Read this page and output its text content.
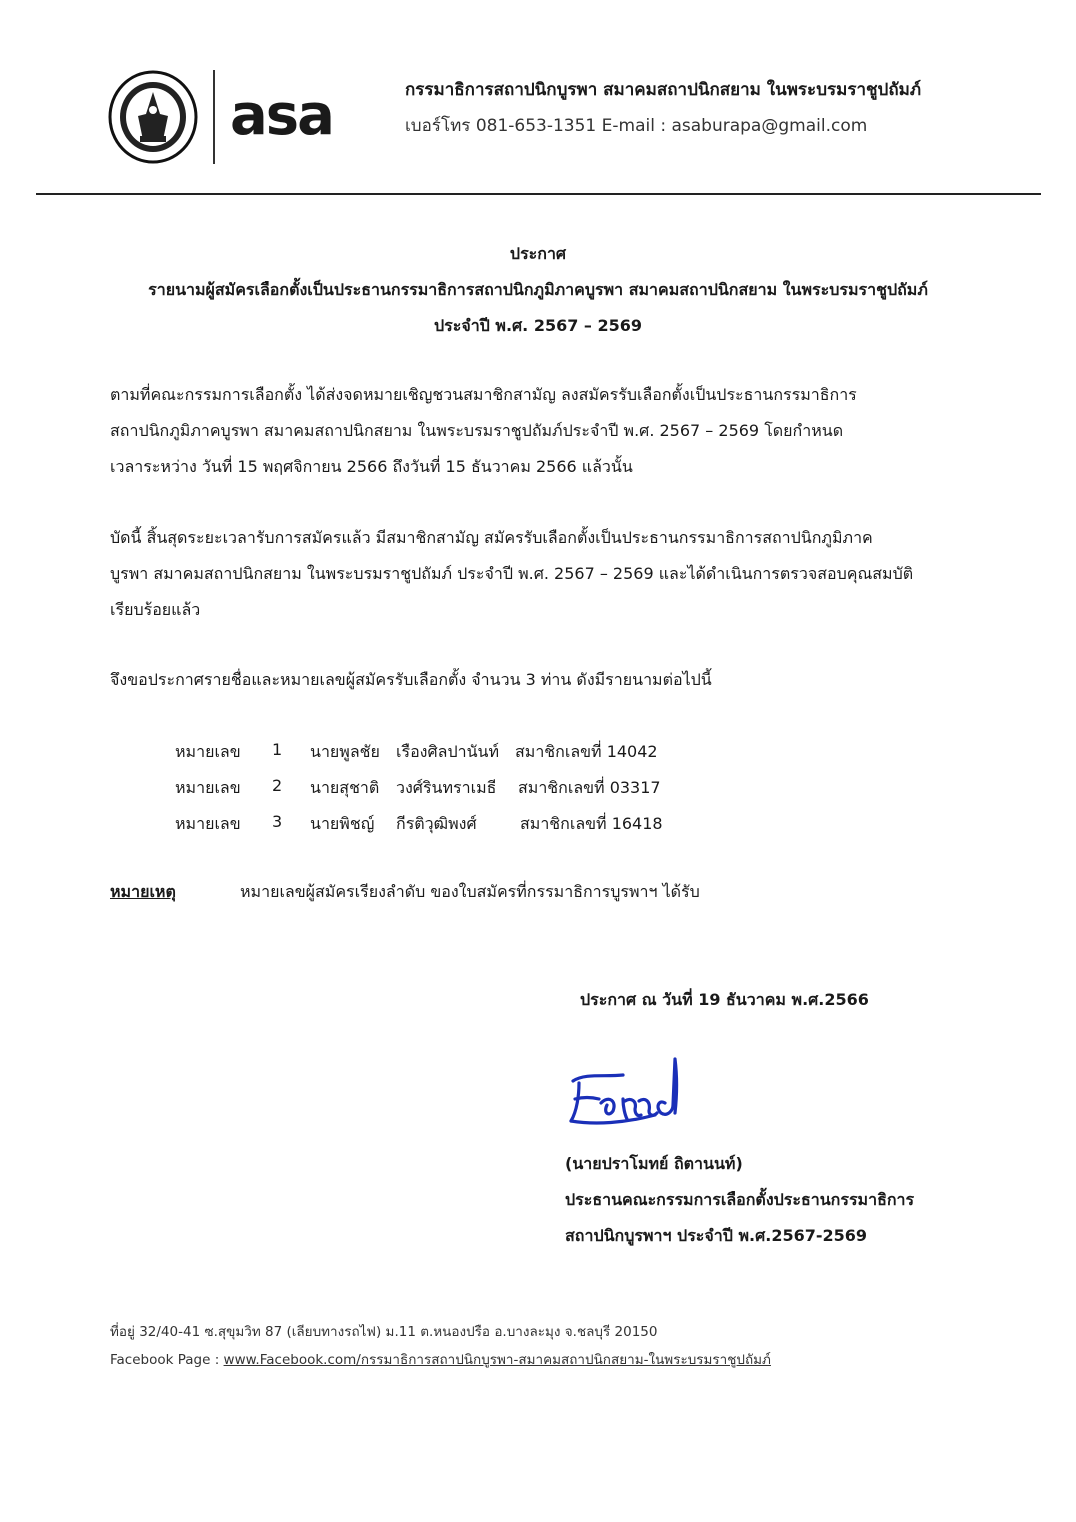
asa	กรรมาธิการสถาปนิกบูรพา สมาคมสถาปนิกสยาม ในพระบรมราชูปถัมภ์
เบอร์โทร 081-653-1351 E-mail : asaburapa@gmail.com
ประกาศ
รายนามผู้สมัครเลือกตั้งเป็นประธานกรรมาธิการสถาปนิกภูมิภาคบูรพา สมาคมสถาปนิกสยาม ในพระบรมราชูปถัมภ์
ประจำปี พ.ศ. 2567 – 2569
ตามที่คณะกรรมการเลือกตั้ง ได้ส่งจดหมายเชิญชวนสมาชิกสามัญ ลงสมัครรับเลือกตั้งเป็นประธานกรรมาธิการ
สถาปนิกภูมิภาคบูรพา สมาคมสถาปนิกสยาม ในพระบรมราชูปถัมภ์ประจำปี พ.ศ. 2567 – 2569 โดยกำหนด
เวลาระหว่าง วันที่ 15 พฤศจิกายน 2566 ถึงวันที่ 15 ธันวาคม 2566 แล้วนั้น
บัดนี้ สิ้นสุดระยะเวลารับการสมัครแล้ว มีสมาชิกสามัญ สมัครรับเลือกตั้งเป็นประธานกรรมาธิการสถาปนิกภูมิภาค
บูรพา สมาคมสถาปนิกสยาม ในพระบรมราชูปถัมภ์ ประจำปี พ.ศ. 2567 – 2569 และได้ดำเนินการตรวจสอบคุณสมบัติ
เรียบร้อยแล้ว
จึงขอประกาศรายชื่อและหมายเลขผู้สมัครรับเลือกตั้ง จำนวน 3 ท่าน ดังมีรายนามต่อไปนี้
หมายเลข 1 นายพูลชัย เรืองศิลปานันท์ สมาชิกเลขที่ 14042
หมายเลข 2 นายสุชาติ วงศ์รินทราเมธี สมาชิกเลขที่ 03317
หมายเลข 3 นายพิชญ์ กีรติวุฒิพงศ์	สมาชิกเลขที่ 16418
หมายเหตุ	หมายเลขผู้สมัครเรียงลำดับ ของใบสมัครที่กรรมาธิการบูรพาฯ ได้รับ
ประกาศ ณ วันที่ 19 ธันวาคม พ.ศ.2566
(นายปราโมทย์ ถิตานนท์)
ประธานคณะกรรมการเลือกตั้งประธานกรรมาธิการ
สถาปนิกบูรพาฯ ประจำปี พ.ศ.2567-2569
ที่อยู่ 32/40-41 ซ.สุขุมวิท 87 (เลียบทางรถไฟ) ม.11 ต.หนองปรือ อ.บางละมุง จ.ชลบุรี 20150
Facebook Page : www.Facebook.com/กรรมาธิการสถาปนิกบูรพา-สมาคมสถาปนิกสยาม-ในพระบรมราชูปถัมภ์
